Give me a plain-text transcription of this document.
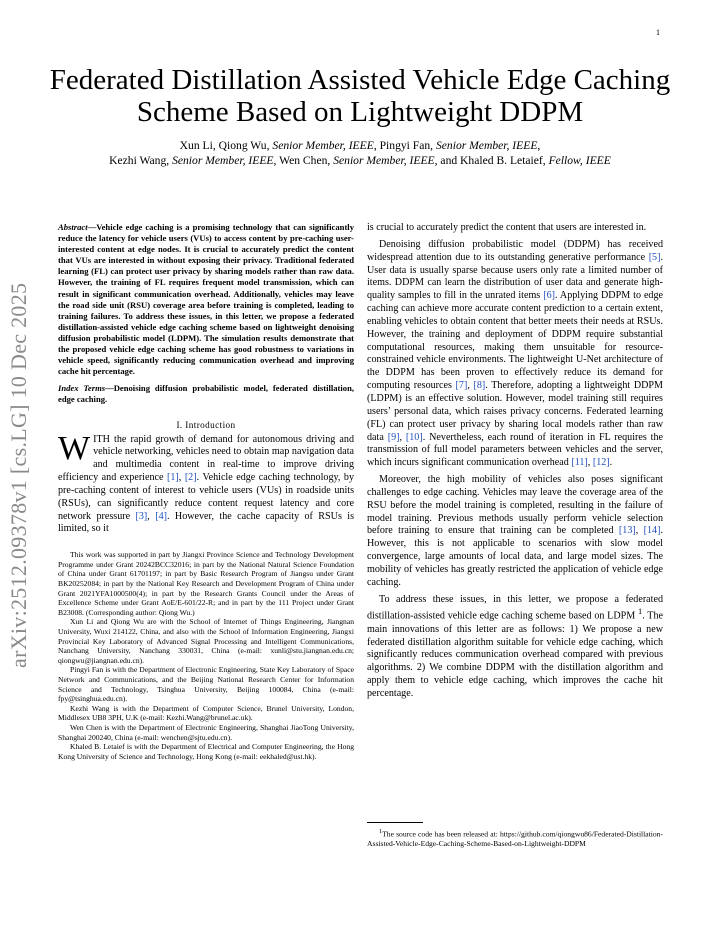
1
arXiv:2512.09378v1 [cs.LG] 10 Dec 2025
Federated Distillation Assisted Vehicle Edge Caching Scheme Based on Lightweight DDPM
Xun Li, Qiong Wu, Senior Member, IEEE, Pingyi Fan, Senior Member, IEEE,
Kezhi Wang, Senior Member, IEEE, Wen Chen, Senior Member, IEEE, and Khaled B. Letaief, Fellow, IEEE

Abstract—Vehicle edge caching is a promising technology that can significantly reduce the latency for vehicle users (VUs) to access content by pre-caching user-interested content at edge nodes. It is crucial to accurately predict the content that VUs are interested in without exposing their privacy. Traditional federated learning (FL) can protect user privacy by sharing models rather than raw data. However, the training of FL requires frequent model transmission, which can result in significant communication overhead. Additionally, vehicles may leave the road side unit (RSU) coverage area before training is completed, leading to training failures. To address these issues, in this letter, we propose a federated distillation-assisted vehicle edge caching scheme based on lightweight denoising diffusion probabilistic model (LDPM). The simulation results demonstrate that the proposed vehicle edge caching scheme has good robustness to variations in vehicle speed, significantly reducing communication overhead and improving cache hit percentage.

Index Terms—Denoising diffusion probabilistic model, federated distillation, edge caching.

I. Introduction

WITH the rapid growth of demand for autonomous driving and vehicle networking, vehicles need to obtain map navigation data and multimedia content in real-time to improve driving efficiency and experience [1], [2]. Vehicle edge caching technology, by pre-caching content of interest to vehicle users (VUs) in roadside units (RSUs), can significantly reduce content request latency and core network pressure [3], [4]. However, the cache capacity of RSUs is limited, so it

This work was supported in part by Jiangxi Province Science and Technology Development Programme under Grant 20242BCC32016; in part by the National Natural Science Foundation of China under Grant 61701197; in part by Basic Research Program of Jiangsu under Grant BK20252084; in part by the National Key Research and Development Program of China under Grant 2021YFA1000500(4); in part by the Research Grants Council under the Areas of Excellence Scheme under Grant AoE/E-601/22-R; and in part by the 111 Project under Grant B23008. (Corresponding author: Qiong Wu.)

Xun Li and Qiong Wu are with the School of Internet of Things Engineering, Jiangnan University, Wuxi 214122, China, and also with the School of Information Engineering, Jiangxi Provincial Key Laboratory of Advanced Signal Processing and Intelligent Communications, Nanchang University, Nanchang 330031, China (e-mail: xunli@stu.jiangnan.edu.cn; qiongwu@jiangnan.edu.cn).

Pingyi Fan is with the Department of Electronic Engineering, State Key Laboratory of Space Network and Communications, and the Beijing National Research Center for Information Science and Technology, Tsinghua University, Beijing 100084, China (e-mail: fpy@tsinghua.edu.cn).

Kezhi Wang is with the Department of Computer Science, Brunel University, London, Middlesex UB8 3PH, U.K (e-mail: Kezhi.Wang@brunel.ac.uk).

Wen Chen is with the Department of Electronic Engineering, Shanghai JiaoTong University, Shanghai 200240, China (e-mail: wenchen@sjtu.edu.cn).

Khaled B. Letaief is with the Department of Electrical and Computer Engineering, the Hong Kong University of Science and Technology, Hong Kong (e-mail: eekhaled@ust.hk).

is crucial to accurately predict the content that users are interested in.

Denoising diffusion probabilistic model (DDPM) has received widespread attention due to its outstanding generative performance [5]. User data is usually sparse because users only rate a limited number of items. DDPM can learn the distribution of user data and generate high-quality samples to fill in the unrated items [6]. Applying DDPM to edge caching can achieve more accurate content prediction to a certain extent, enabling vehicles to obtain content that better meets their needs at RSUs. However, the training and deployment of DDPM require substantial computational resources, making them unsuitable for resource-constrained vehicle environments. The lightweight U-Net architecture of the DDPM has been proven to effectively reduce its demand for computing resources [7], [8]. Therefore, adopting a lightweight DDPM (LDPM) is an effective solution. However, model training still requires users’ personal data, which raises privacy concerns. Federated learning (FL) can protect user privacy by sharing local models rather than raw data [9], [10]. Nevertheless, each round of iteration in FL requires the transmission of full model parameters between vehicles and the server, which incurs significant communication overhead [11], [12].

Moreover, the high mobility of vehicles also poses significant challenges to edge caching. Vehicles may leave the coverage area of the RSU before the model training is completed, resulting in the failure of model training. Previous methods usually perform vehicle selection before training to ensure that training can be completed [13], [14]. However, this is not applicable to scenarios with slow model convergence, large amounts of local data, and large model sizes. The mobility of vehicles has greatly restricted the application of vehicle edge caching.

To address these issues, in this letter, we propose a federated distillation-assisted vehicle edge caching scheme based on LDPM $^1$. The main innovations of this letter are as follows: 1) We propose a new federated distillation algorithm suitable for vehicle edge caching, which significantly reduces communication overhead compared with previous algorithms. 2) We combine DDPM with the distillation algorithm and apply them to vehicle edge caching, which improves the cache hit percentage.

$^1$The source code has been released at: https://github.com/qiongwu86/Federated-Distillation-Assisted-Vehicle-Edge-Caching-Scheme-Based-on-Lightweight-DDPM
